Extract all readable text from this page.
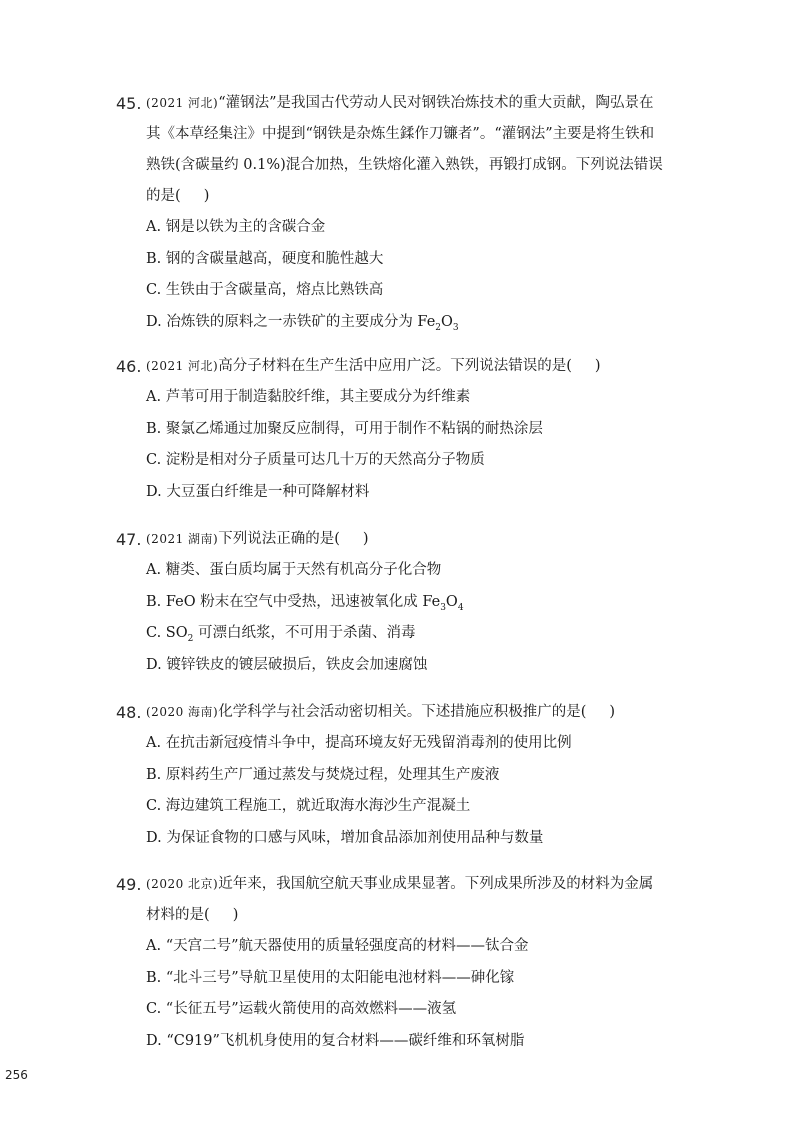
45. (2021 河北)“灌钢法”是我国古代劳动人民对钢铁冶炼技术的重大贡献，陶弘景在其《本草经集注》中提到“钢铁是杂炼生鍒作刀镰者”。“灌钢法”主要是将生铁和熟铁(含碳量约 0.1%)混合加热，生铁熔化灌入熟铁，再锻打成钢。下列说法错误的是(     )

A. 钢是以铁为主的含碳合金
B. 钢的含碳量越高，硬度和脆性越大
C. 生铁由于含碳量高，熔点比熟铁高
D. 冶炼铁的原料之一赤铁矿的主要成分为 $Fe_2O_3$

46. (2021 河北)高分子材料在生产生活中应用广泛。下列说法错误的是(     )

A. 芦苇可用于制造黏胶纤维，其主要成分为纤维素
B. 聚氯乙烯通过加聚反应制得，可用于制作不粘锅的耐热涂层
C. 淀粉是相对分子质量可达几十万的天然高分子物质
D. 大豆蛋白纤维是一种可降解材料

47. (2021 湖南)下列说法正确的是(     )

A. 糖类、蛋白质均属于天然有机高分子化合物
B. FeO 粉末在空气中受热，迅速被氧化成 $Fe_3O_4$
C. $SO_2$ 可漂白纸浆，不可用于杀菌、消毒
D. 镀锌铁皮的镀层破损后，铁皮会加速腐蚀

48. (2020 海南)化学科学与社会活动密切相关。下述措施应积极推广的是(     )

A. 在抗击新冠疫情斗争中，提高环境友好无残留消毒剂的使用比例
B. 原料药生产厂通过蒸发与焚烧过程，处理其生产废液
C. 海边建筑工程施工，就近取海水海沙生产混凝土
D. 为保证食物的口感与风味，增加食品添加剂使用品种与数量

49. (2020 北京)近年来，我国航空航天事业成果显著。下列成果所涉及的材料为金属材料的是(     )

A. “天宫二号”航天器使用的质量轻强度高的材料——钛合金
B. “北斗三号”导航卫星使用的太阳能电池材料——砷化镓
C. “长征五号”运载火箭使用的高效燃料——液氢
D. “C919”飞机机身使用的复合材料——碳纤维和环氧树脂
256
